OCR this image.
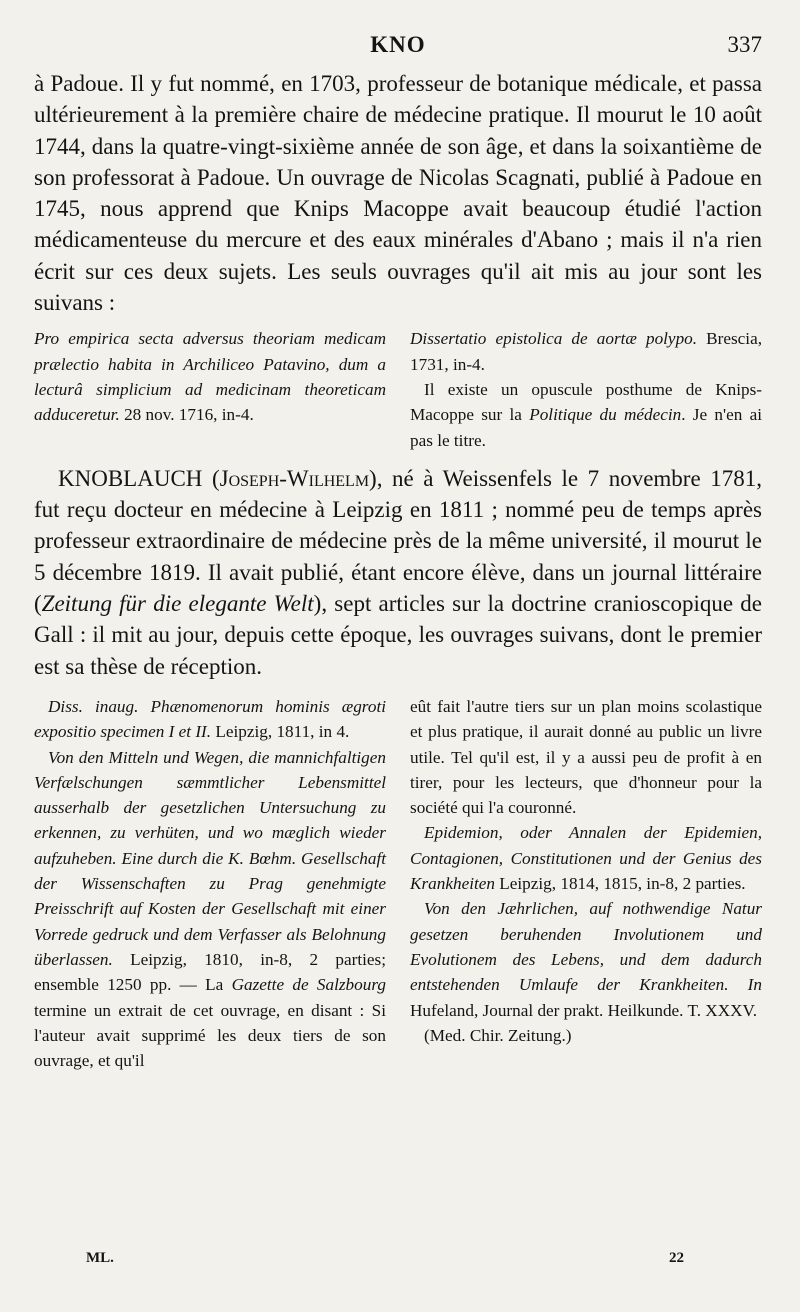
KNO	337

à Padoue. Il y fut nommé, en 1703, professeur de botanique médicale, et passa ultérieurement à la première chaire de médecine pratique. Il mourut le 10 août 1744, dans la quatre-vingt-sixième année de son âge, et dans la soixantième de son professorat à Padoue. Un ouvrage de Nicolas Scagnati, publié à Padoue en 1745, nous apprend que Knips Macoppe avait beaucoup étudié l'action médicamenteuse du mercure et des eaux minérales d'Abano ; mais il n'a rien écrit sur ces deux sujets. Les seuls ouvrages qu'il ait mis au jour sont les suivans :

Pro empirica secta adversus theoriam medicam prælectio habita in Archiliceo Patavino, dum a lecturâ simplicium ad medicinam theoreticam adduceretur. 28 nov. 1716, in-4.

Dissertatio epistolica de aortæ polypo. Brescia, 1731, in-4.

Il existe un opuscule posthume de Knips-Macoppe sur la Politique du médecin. Je n'en ai pas le titre.

KNOBLAUCH (Joseph-Wilhelm), né à Weissenfels le 7 novembre 1781, fut reçu docteur en médecine à Leipzig en 1811 ; nommé peu de temps après professeur extraordinaire de médecine près de la même université, il mourut le 5 décembre 1819. Il avait publié, étant encore élève, dans un journal littéraire (Zeitung für die elegante Welt), sept articles sur la doctrine cranioscopique de Gall : il mit au jour, depuis cette époque, les ouvrages suivans, dont le premier est sa thèse de réception.

Diss. inaug. Phænomenorum hominis ægroti expositio specimen I et II. Leipzig, 1811, in 4.

Von den Mitteln und Wegen, die mannichfaltigen Verfælschungen sæmmtlicher Lebensmittel ausserhalb der gesetzlichen Untersuchung zu erkennen, zu verhüten, und wo mæglich wieder aufzuheben. Eine durch die K. Bœhm. Gesellschaft der Wissenschaften zu Prag genehmigte Preisschrift auf Kosten der Gesellschaft mit einer Vorrede gedruck und dem Verfasser als Belohnung überlassen. Leipzig, 1810, in-8, 2 parties; ensemble 1250 pp. — La Gazette de Salzbourg termine un extrait de cet ouvrage, en disant : Si l'auteur avait supprimé les deux tiers de son ouvrage, et qu'il

eût fait l'autre tiers sur un plan moins scolastique et plus pratique, il aurait donné au public un livre utile. Tel qu'il est, il y a aussi peu de profit à en tirer, pour les lecteurs, que d'honneur pour la société qui l'a couronné.

Epidemion, oder Annalen der Epidemien, Contagionen, Constitutionen und der Genius des Krankheiten Leipzig, 1814, 1815, in-8, 2 parties.

Von den Jæhrlichen, auf nothwendige Natur gesetzen beruhenden Involutionem und Evolutionem des Lebens, und dem dadurch entstehenden Umlaufe der Krankheiten. In Hufeland, Journal der prakt. Heilkunde. T. XXXV.

(Med. Chir. Zeitung.)

ML.	22
